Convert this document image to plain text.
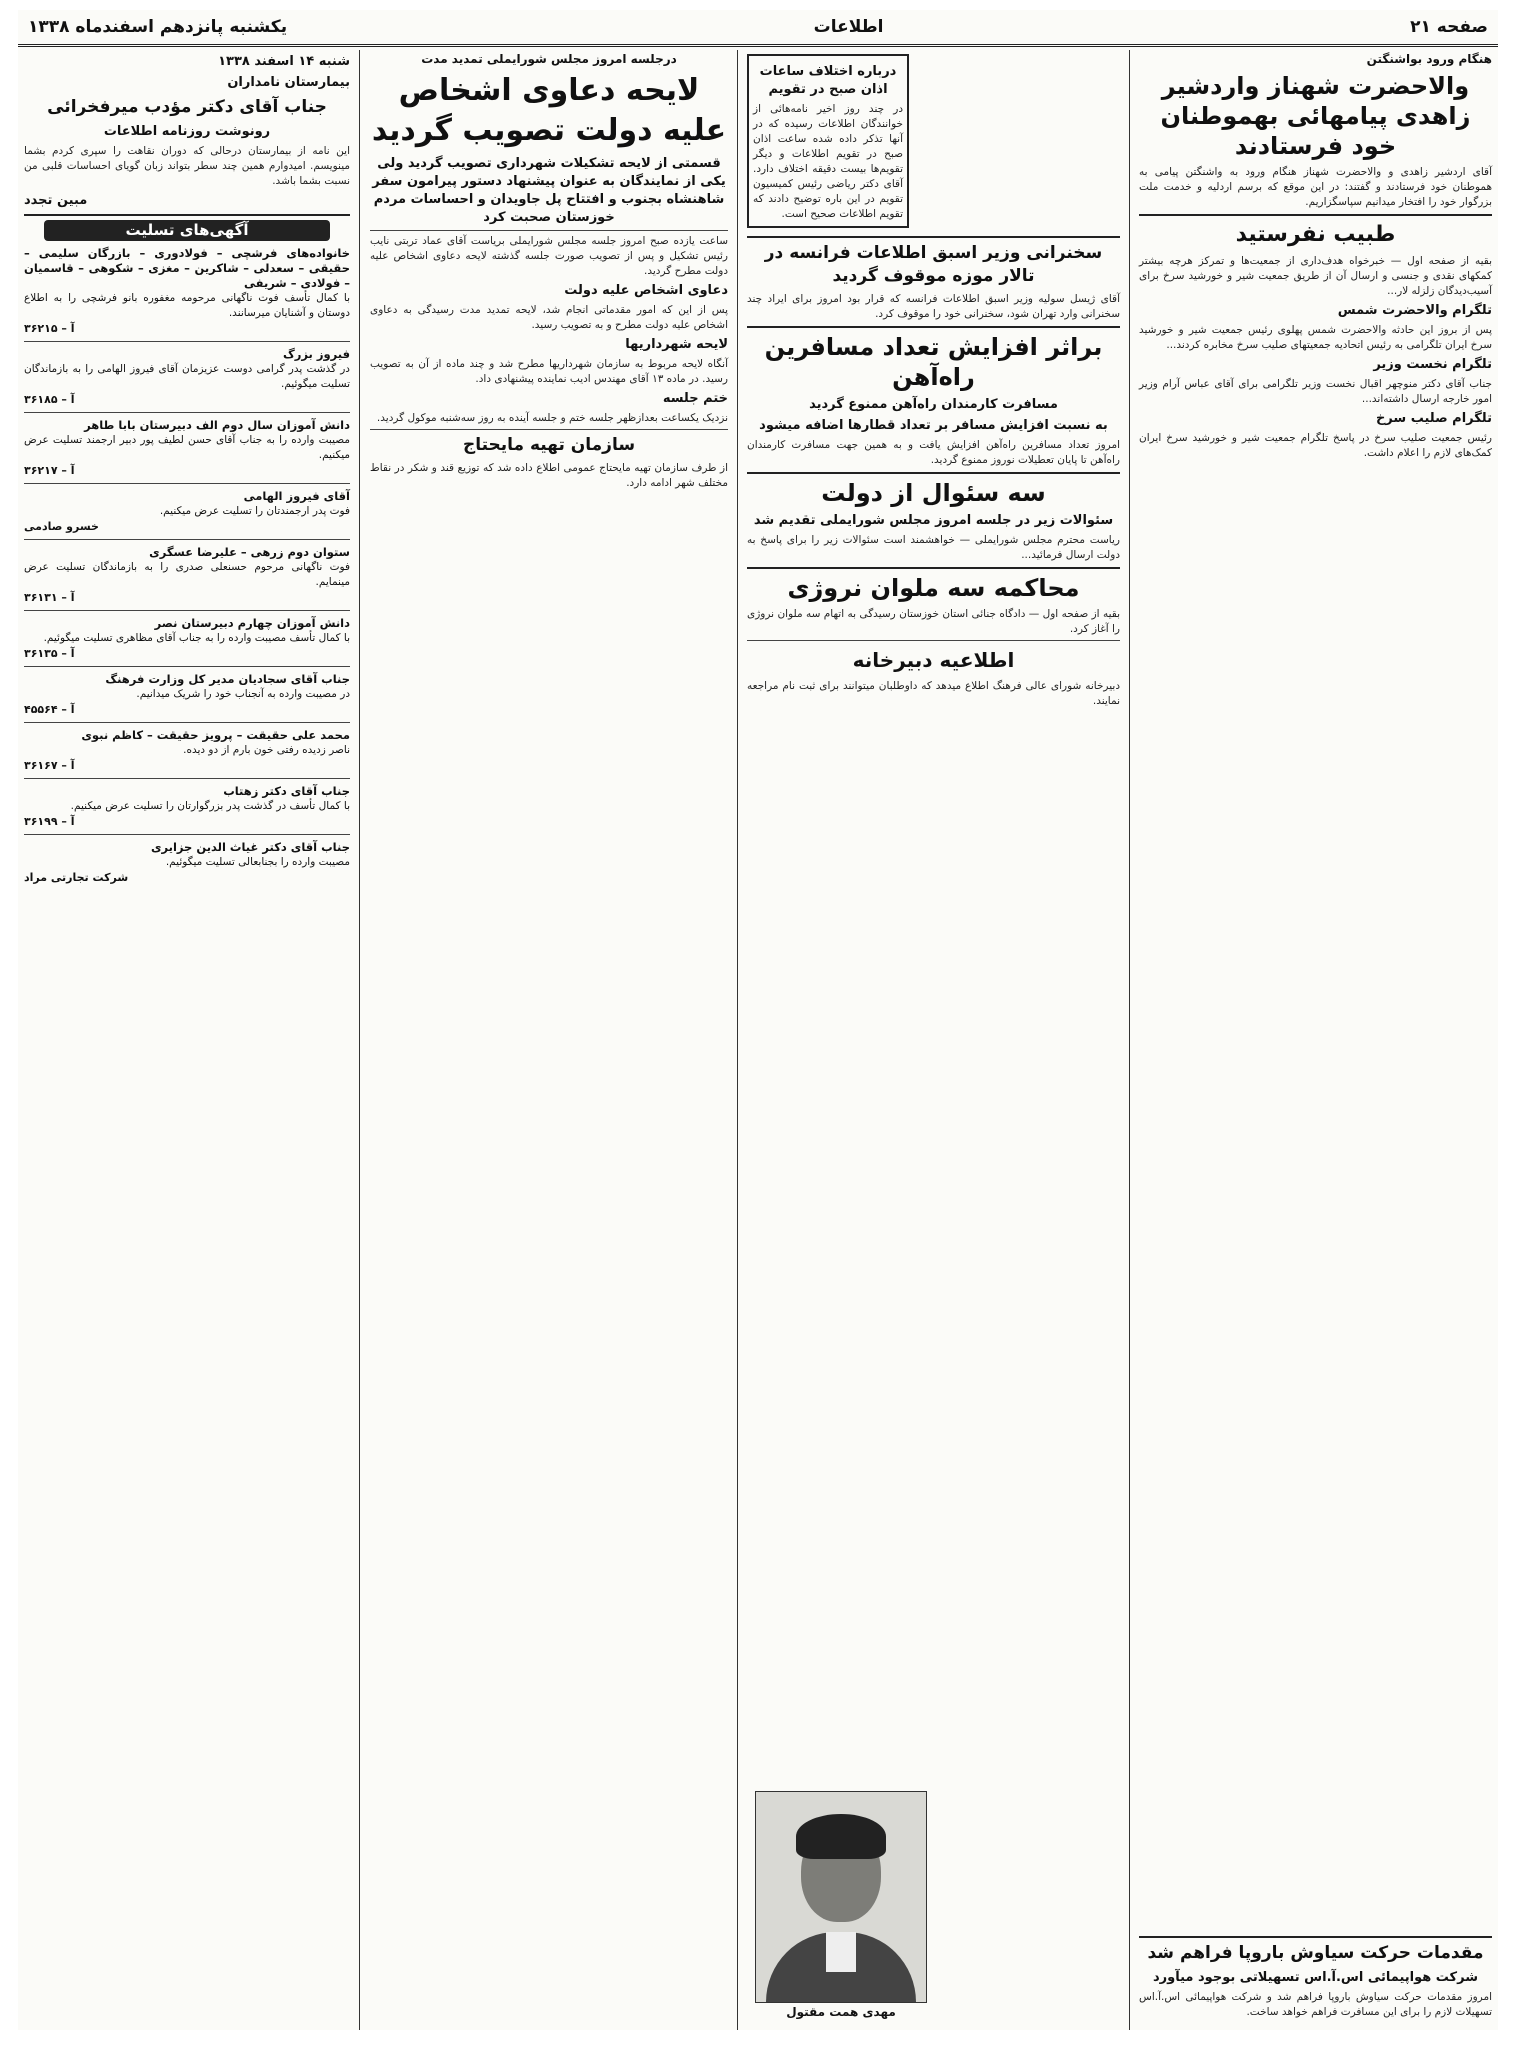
صفحه ۲۱
اطلاعات
یکشنبه پانزدهم اسفندماه ۱۳۳۸
هنگام ورود بواشنگتن
والاحضرت شهناز واردشیر زاهدی پیامهائی بهموطنان خود فرستادند
آقای اردشیر زاهدی و والاحضرت شهناز هنگام ورود به واشنگتن پیامی به هموطنان خود فرستادند و گفتند: در این موقع که برسم اردلیه و خدمت ملت بزرگوار خود را افتخار میدانیم سپاسگزاریم.
طبیب نفرستید
بقیه از صفحه اول — خبرخواه هدف‌داری از جمعیت‌ها و تمرکز هرچه بیشتر کمکهای نقدی و جنسی و ارسال آن از طریق جمعیت شیر و خورشید سرخ برای آسیب‌دیدگان زلزله لار...
تلگرام والاحضرت شمس
پس از بروز این حادثه والاحضرت شمس پهلوی رئیس جمعیت شیر و خورشید سرخ ایران تلگرامی به رئیس اتحادیه جمعیتهای صلیب سرخ مخابره کردند...
تلگرام نخست وزیر
جناب آقای دکتر منوچهر اقبال نخست وزیر تلگرامی برای آقای عباس آرام وزیر امور خارجه ارسال داشته‌اند...
تلگرام صلیب سرخ
رئیس جمعیت صلیب سرخ در پاسخ تلگرام جمعیت شیر و خورشید سرخ ایران کمک‌های لازم را اعلام داشت.
مقدمات حرکت سیاوش باروپا فراهم شد
شرکت هواپیمائی اس.آ.اس تسهیلاتی بوجود میآورد
امروز مقدمات حرکت سیاوش باروپا فراهم شد و شرکت هواپیمائی اس.آ.اس تسهیلات لازم را برای این مسافرت فراهم خواهد ساخت.
درباره اختلاف ساعات اذان صبح در تقویم
در چند روز اخیر نامه‌هائی از خوانندگان اطلاعات رسیده که در آنها تذکر داده شده ساعت اذان صبح در تقویم اطلاعات و دیگر تقویم‌ها بیست دقیقه اختلاف دارد. آقای دکتر ریاضی رئیس کمیسیون تقویم در این باره توضیح دادند که تقویم اطلاعات صحیح است.
سخنرانی وزیر اسبق اطلاعات فرانسه در تالار موزه موقوف گردید
آقای ژیسل سولیه وزیر اسبق اطلاعات فرانسه که قرار بود امروز برای ایراد چند سخنرانی وارد تهران شود، سخنرانی خود را موقوف کرد.
براثر افزایش تعداد مسافرین راه‌آهن
مسافرت کارمندان راه‌آهن ممنوع گردید
به نسبت افزایش مسافر بر تعداد قطارها اضافه میشود
امروز تعداد مسافرین راه‌آهن افزایش یافت و به همین جهت مسافرت کارمندان راه‌آهن تا پایان تعطیلات نوروز ممنوع گردید.
سه سئوال از دولت
سئوالات زیر در جلسه امروز مجلس شورایملی تقدیم شد
ریاست محترم مجلس شورایملی — خواهشمند است سئوالات زیر را برای پاسخ به دولت ارسال فرمائید...
محاکمه سه ملوان نروژی
بقیه از صفحه اول — دادگاه جنائی استان خوزستان رسیدگی به اتهام سه ملوان نروژی را آغاز کرد.
اطلاعیه دبیرخانه
دبیرخانه شورای عالی فرهنگ اطلاع میدهد که داوطلبان میتوانند برای ثبت نام مراجعه نمایند.
مهدی همت مقتول
درجلسه امروز مجلس شورایملی تمدید مدت
لایحه دعاوی اشخاص علیه دولت تصویب گردید
قسمتی از لایحه تشکیلات شهرداری تصویب گردید ولی یکی از نمایندگان به عنوان پیشنهاد دستور پیرامون سفر شاهنشاه بجنوب و افتتاح پل جاویدان و احساسات مردم خوزستان صحبت کرد
ساعت یازده صبح امروز جلسه مجلس شورایملی بریاست آقای عماد تربتی نایب رئیس تشکیل و پس از تصویب صورت جلسه گذشته لایحه دعاوی اشخاص علیه دولت مطرح گردید.
دعاوی اشخاص علیه دولت
پس از این که امور مقدماتی انجام شد، لایحه تمدید مدت رسیدگی به دعاوی اشخاص علیه دولت مطرح و به تصویب رسید.
لایحه شهرداریها
آنگاه لایحه مربوط به سازمان شهرداریها مطرح شد و چند ماده از آن به تصویب رسید. در ماده ۱۳ آقای مهندس ادیب نماینده پیشنهادی داد.
ختم جلسه
نزدیک یکساعت بعدازظهر جلسه ختم و جلسه آینده به روز سه‌شنبه موکول گردید.
سازمان تهیه مایحتاج
از طرف سازمان تهیه مایحتاج عمومی اطلاع داده شد که توزیع قند و شکر در نقاط مختلف شهر ادامه دارد.
شنبه ۱۴ اسفند ۱۳۳۸
بیمارستان نامداران
جناب آقای دکتر مؤدب میرفخرائی
رونوشت روزنامه اطلاعات
این نامه از بیمارستان درحالی که دوران نقاهت را سپری کردم بشما مینویسم. امیدوارم همین چند سطر بتواند زبان گویای احساسات قلبی من نسبت بشما باشد.
مبین تجدد
آگهی‌های تسلیت
خانواده‌های فرشچی – فولادوری – بازرگان سلیمی – حقیقی – سعدلی – شاکرین – مغزی – شکوهی – قاسمیان – فولادی – شریفی
با کمال تأسف فوت ناگهانی مرحومه مغفوره بانو فرشچی را به اطلاع دوستان و آشنایان میرسانند.
آ – ۳۶۲۱۵
فیروز بزرگ
در گذشت پدر گرامی دوست عزیزمان آقای فیروز الهامی را به بازماندگان تسلیت میگوئیم.
آ – ۳۶۱۸۵
دانش آموزان سال دوم الف دبیرستان بابا طاهر
مصیبت وارده را به جناب آقای حسن لطیف پور دبیر ارجمند تسلیت عرض میکنیم.
آ – ۳۶۲۱۷
آقای فیروز الهامی
فوت پدر ارجمندتان را تسلیت عرض میکنیم.
خسرو صادمی
ستوان دوم زرهی – علیرضا عسگری
فوت ناگهانی مرحوم حسنعلی صدری را به بازماندگان تسلیت عرض مینمایم.
آ – ۳۶۱۳۱
دانش آموزان چهارم دبیرستان نصر
با کمال تأسف مصیبت وارده را به جناب آقای مظاهری تسلیت میگوئیم.
آ – ۳۶۱۳۵
جناب آقای سجادیان مدیر کل وزارت فرهنگ
در مصیبت وارده به آنجناب خود را شریک میدانیم.
آ – ۴۵۵۶۴
محمد علی حقیقت – پرویز حقیقت – کاظم نبوی
ناصر زدیده رفتی خون بارم از دو دیده.
آ – ۳۶۱۶۷
جناب آقای دکتر زهتاب
با کمال تأسف در گذشت پدر بزرگوارتان را تسلیت عرض میکنیم.
آ – ۳۶۱۹۹
جناب آقای دکتر غیاث الدین جزایری
مصیبت وارده را بجنابعالی تسلیت میگوئیم.
شرکت تجارتی مراد
